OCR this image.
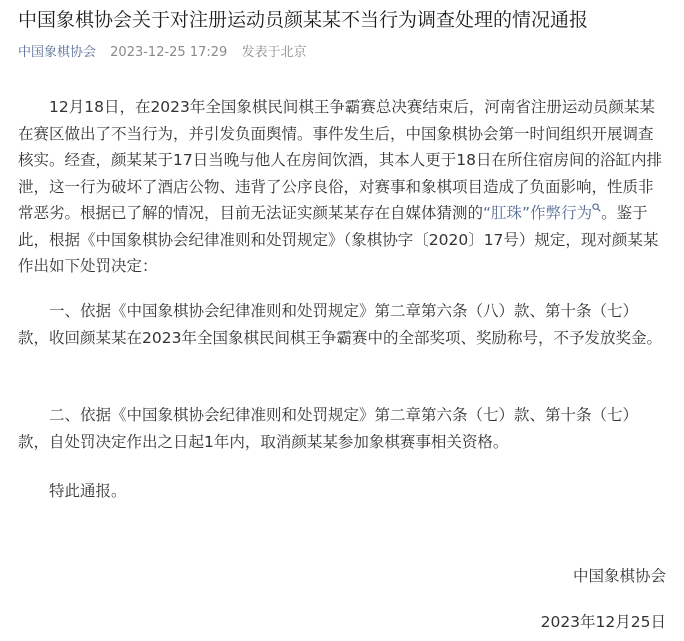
中国象棋协会关于对注册运动员颜某某不当行为调查处理的情况通报
中国象棋协会 2023-12-25 17:29 发表于北京

12月18日，在2023年全国象棋民间棋王争霸赛总决赛结束后，河南省注册运动员颜某某在赛区做出了不当行为，并引发负面舆情。事件发生后，中国象棋协会第一时间组织开展调查核实。经查，颜某某于17日当晚与他人在房间饮酒，其本人更于18日在所住宿房间的浴缸内排泄，这一行为破坏了酒店公物、违背了公序良俗，对赛事和象棋项目造成了负面影响，性质非常恶劣。根据已了解的情况，目前无法证实颜某某存在自媒体猜测的“肛珠”作弊行为 。鉴于此，根据《中国象棋协会纪律准则和处罚规定》（象棋协字〔2020〕17号）规定，现对颜某某作出如下处罚决定：

一、依据《中国象棋协会纪律准则和处罚规定》第二章第六条（八）款、第十条（七）款，收回颜某某在2023年全国象棋民间棋王争霸赛中的全部奖项、奖励称号，不予发放奖金。

二、依据《中国象棋协会纪律准则和处罚规定》第二章第六条（七）款、第十条（七）款，自处罚决定作出之日起1年内，取消颜某某参加象棋赛事相关资格。

特此通报。

中国象棋协会
2023年12月25日
